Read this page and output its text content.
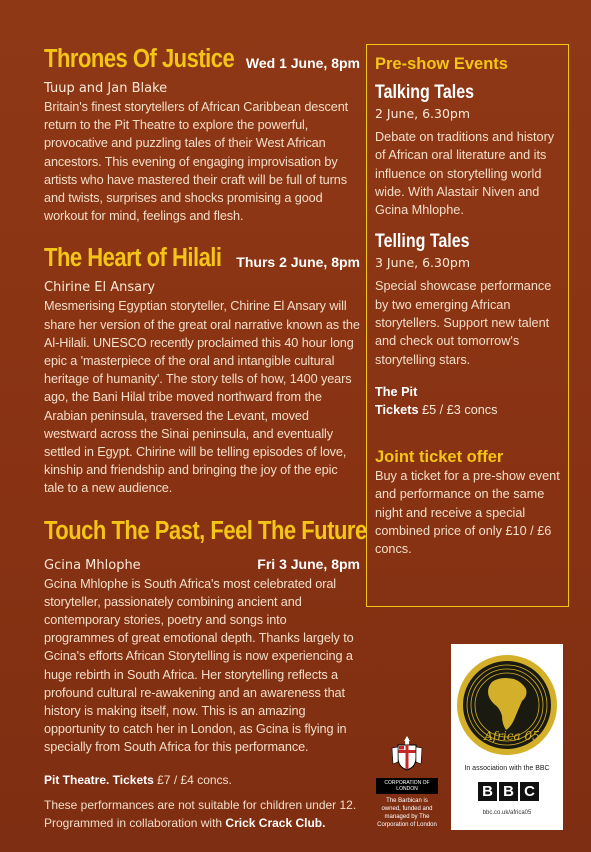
Thrones Of Justice Wed 1 June, 8pm
Tuup and Jan Blake
Britain's finest storytellers of African Caribbean descent return to the Pit Theatre to explore the powerful, provocative and puzzling tales of their West African ancestors. This evening of engaging improvisation by artists who have mastered their craft will be full of turns and twists, surprises and shocks promising a good workout for mind, feelings and flesh.
The Heart of Hilali Thurs 2 June, 8pm
Chirine El Ansary
Mesmerising Egyptian storyteller, Chirine El Ansary will share her version of the great oral narrative known as the Al-Hilali. UNESCO recently proclaimed this 40 hour long epic a 'masterpiece of the oral and intangible cultural heritage of humanity'. The story tells of how, 1400 years ago, the Bani Hilal tribe moved northward from the Arabian peninsula, traversed the Levant, moved westward across the Sinai peninsula, and eventually settled in Egypt. Chirine will be telling episodes of love, kinship and friendship and bringing the joy of the epic tale to a new audience.
Touch The Past, Feel The Future
Gcina Mhlophe	Fri 3 June, 8pm
Gcina Mhlophe is South Africa's most celebrated oral storyteller, passionately combining ancient and contemporary stories, poetry and songs into programmes of great emotional depth. Thanks largely to Gcina's efforts African Storytelling is now experiencing a huge rebirth in South Africa. Her storytelling reflects a profound cultural re-awakening and an awareness that history is making itself, now. This is an amazing opportunity to catch her in London, as Gcina is flying in specially from South Africa for this performance.
Pit Theatre. Tickets £7 / £4 concs.
These performances are not suitable for children under 12.
Programmed in collaboration with Crick Crack Club.
Pre-show Events
Talking Tales
2 June, 6.30pm
Debate on traditions and history of African oral literature and its influence on storytelling world wide. With Alastair Niven and Gcina Mhlophe.
Telling Tales
3 June, 6.30pm
Special showcase performance by two emerging African storytellers. Support new talent and check out tomorrow's storytelling stars.
The Pit
Tickets £5 / £3 concs
Joint ticket offer
Buy a ticket for a pre-show event and performance on the same night and receive a special combined price of only £10 / £6 concs.
CORPORATION OF LONDON
The Barbican is owned, funded and managed by The Corporation of London
Africa 05
In association with the BBC
B B C
bbc.co.uk/africa05
